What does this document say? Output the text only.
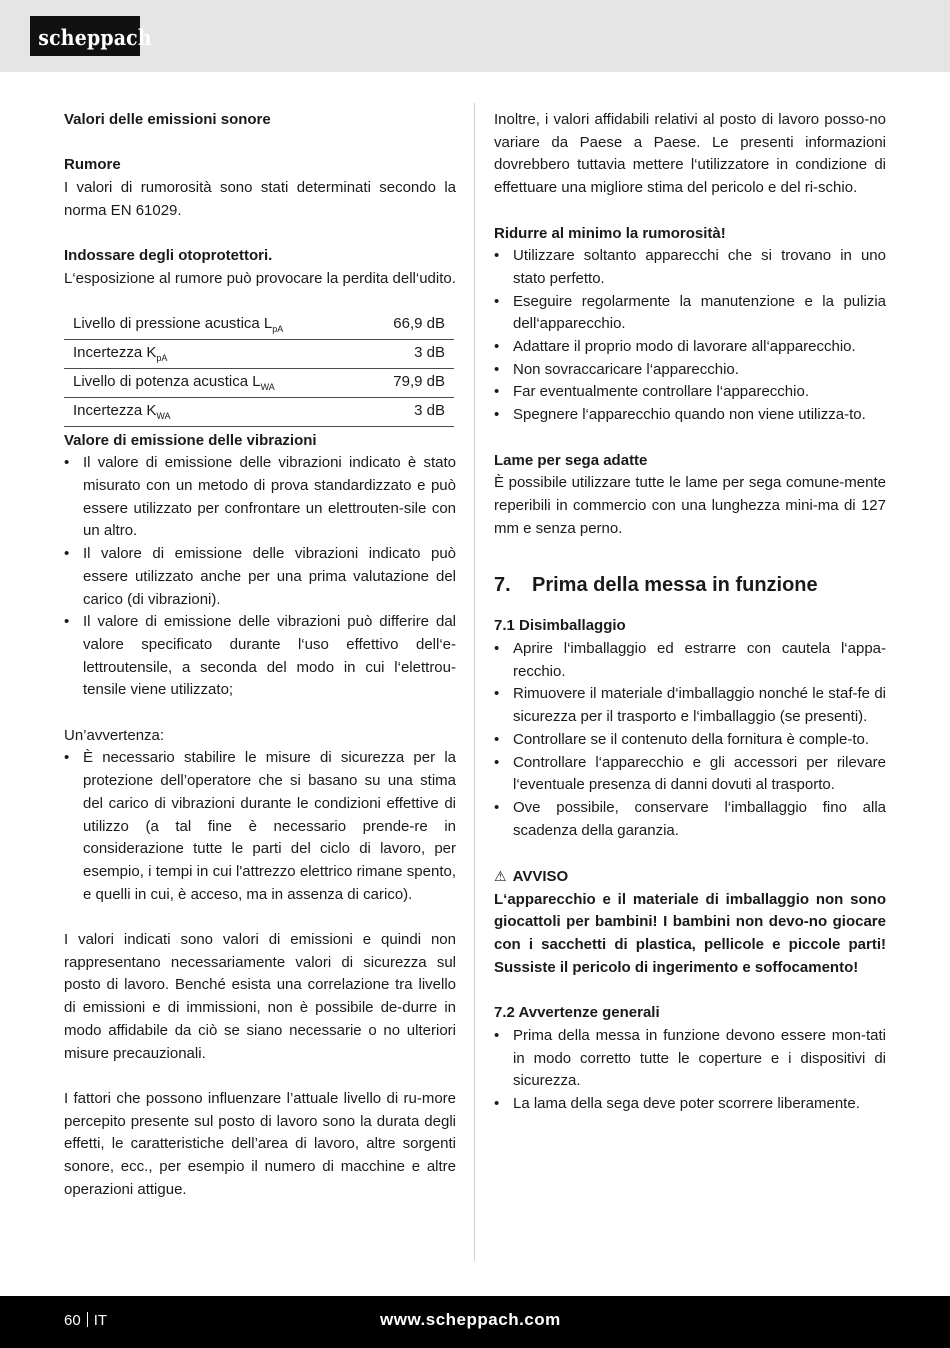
scheppach

Valori delle emissioni sonore

Rumore

I valori di rumorosità sono stati determinati secondo la norma EN 61029.

Indossare degli otoprotettori.

L‘esposizione al rumore può provocare la perdita dell‘udito.

Livello di pressione acustica $L_{pA}$	66,9 dB
Incertezza $K_{pA}$	3 dB
Livello di potenza acustica $L_{WA}$	79,9 dB
Incertezza $K_{WA}$	3 dB

Valore di emissione delle vibrazioni

• Il valore di emissione delle vibrazioni indicato è stato misurato con un metodo di prova standardizzato e può essere utilizzato per confrontare un elettrouten-sile con un altro.
• Il valore di emissione delle vibrazioni indicato può essere utilizzato anche per una prima valutazione del carico (di vibrazioni).
• Il valore di emissione delle vibrazioni può differire dal valore specificato durante l‘uso effettivo dell‘e-lettroutensile, a seconda del modo in cui l‘elettrou-tensile viene utilizzato;

Un’avvertenza:

• È necessario stabilire le misure di sicurezza per la protezione dell’operatore che si basano su una stima del carico di vibrazioni durante le condizioni effettive di utilizzo (a tal fine è necessario prende-re in considerazione tutte le parti del ciclo di lavoro, per esempio, i tempi in cui l'attrezzo elettrico rimane spento, e quelli in cui, è acceso, ma in assenza di carico).

I valori indicati sono valori di emissioni e quindi non rappresentano necessariamente valori di sicurezza sul posto di lavoro. Benché esista una correlazione tra livello di emissioni e di immissioni, non è possibile de-durre in modo affidabile da ciò se siano necessarie o no ulteriori misure precauzionali.

I fattori che possono influenzare l’attuale livello di ru-more percepito presente sul posto di lavoro sono la durata degli effetti, le caratteristiche dell’area di lavoro, altre sorgenti sonore, ecc., per esempio il numero di macchine e altre operazioni attigue.

Inoltre, i valori affidabili relativi al posto di lavoro posso-no variare da Paese a Paese. Le presenti informazioni dovrebbero tuttavia mettere l‘utilizzatore in condizione di effettuare una migliore stima del pericolo e del ri-schio.

Ridurre al minimo la rumorosità!

• Utilizzare soltanto apparecchi che si trovano in uno stato perfetto.
• Eseguire regolarmente la manutenzione e la pulizia dell‘apparecchio.
• Adattare il proprio modo di lavorare all‘apparecchio.
• Non sovraccaricare l‘apparecchio.
• Far eventualmente controllare l‘apparecchio.
• Spegnere l‘apparecchio quando non viene utilizza-to.

Lame per sega adatte

È possibile utilizzare tutte le lame per sega comune-mente reperibili in commercio con una lunghezza mini-ma di 127 mm e senza perno.

7. Prima della messa in funzione

7.1 Disimballaggio

• Aprire l‘imballaggio ed estrarre con cautela l‘appa-recchio.
• Rimuovere il materiale d‘imballaggio nonché le staf-fe di sicurezza per il trasporto e l‘imballaggio (se presenti).
• Controllare se il contenuto della fornitura è comple-to.
• Controllare l‘apparecchio e gli accessori per rilevare l‘eventuale presenza di danni dovuti al trasporto.
• Ove possibile, conservare l‘imballaggio fino alla scadenza della garanzia.

⚠ AVVISO

L‘apparecchio e il materiale di imballaggio non sono giocattoli per bambini! I bambini non devo-no giocare con i sacchetti di plastica, pellicole e piccole parti! Sussiste il pericolo di ingerimento e soffocamento!

7.2 Avvertenze generali

• Prima della messa in funzione devono essere mon-tati in modo corretto tutte le coperture e i dispositivi di sicurezza.
• La lama della sega deve poter scorrere liberamente.
60 IT	www.scheppach.com
